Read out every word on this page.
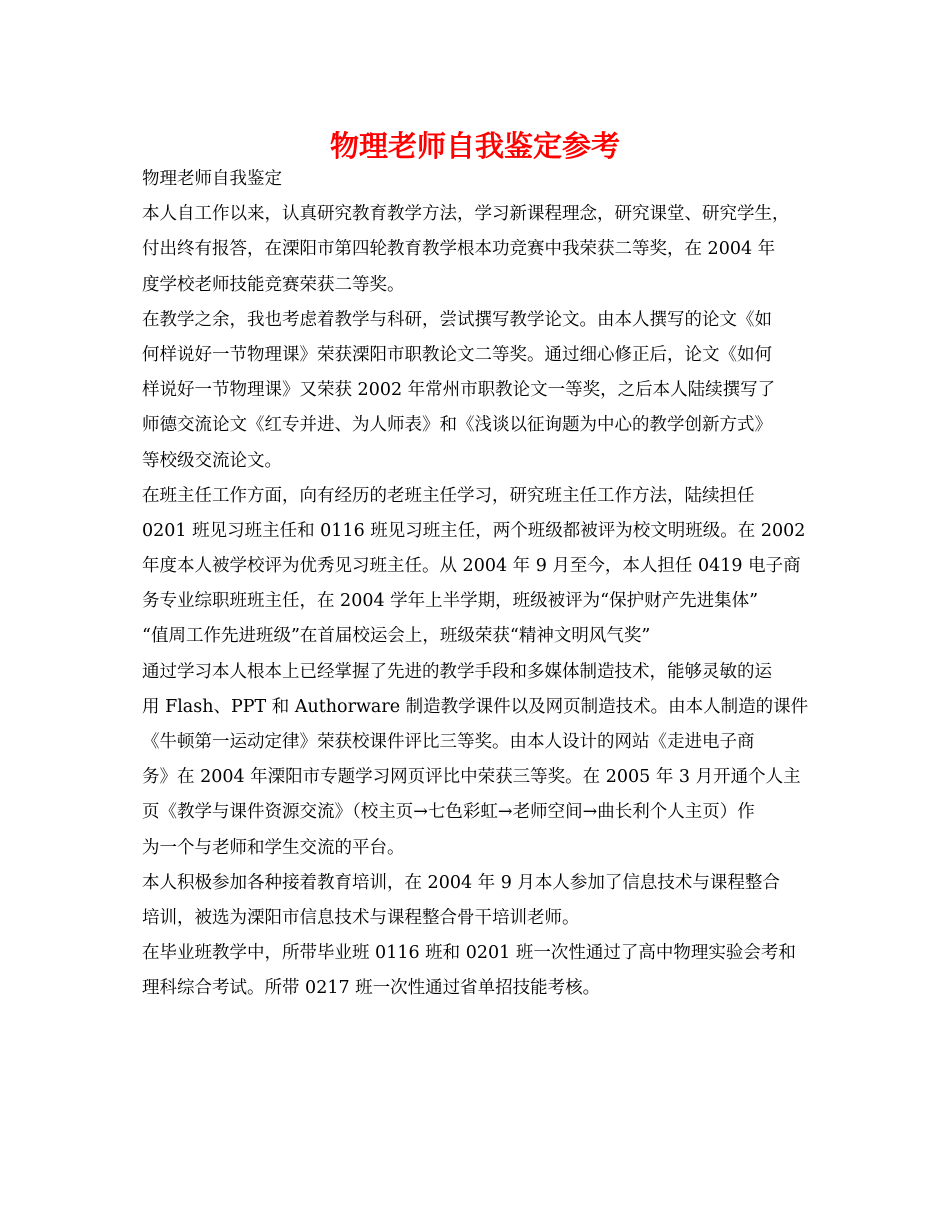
物理老师自我鉴定参考
物理老师自我鉴定
本人自工作以来，认真研究教育教学方法，学习新课程理念，研究课堂、研究学生，
付出终有报答，在溧阳市第四轮教育教学根本功竞赛中我荣获二等奖，在 2004 年
度学校老师技能竞赛荣获二等奖。
在教学之余，我也考虑着教学与科研，尝试撰写教学论文。由本人撰写的论文《如
何样说好一节物理课》荣获溧阳市职教论文二等奖。通过细心修正后，论文《如何
样说好一节物理课》又荣获 2002 年常州市职教论文一等奖，之后本人陆续撰写了
师德交流论文《红专并进、为人师表》和《浅谈以征询题为中心的教学创新方式》
等校级交流论文。
在班主任工作方面，向有经历的老班主任学习，研究班主任工作方法，陆续担任
0201 班见习班主任和 0116 班见习班主任，两个班级都被评为校文明班级。在 2002
年度本人被学校评为优秀见习班主任。从 2004 年 9 月至今，本人担任 0419 电子商
务专业综职班班主任，在 2004 学年上半学期，班级被评为“保护财产先进集体”
“值周工作先进班级”在首届校运会上，班级荣获“精神文明风气奖”
通过学习本人根本上已经掌握了先进的教学手段和多媒体制造技术，能够灵敏的运
用 Flash、PPT 和 Authorware 制造教学课件以及网页制造技术。由本人制造的课件
《牛顿第一运动定律》荣获校课件评比三等奖。由本人设计的网站《走进电子商
务》在 2004 年溧阳市专题学习网页评比中荣获三等奖。在 2005 年 3 月开通个人主
页《教学与课件资源交流》（校主页→七色彩虹→老师空间→曲长利个人主页）作
为一个与老师和学生交流的平台。
本人积极参加各种接着教育培训，在 2004 年 9 月本人参加了信息技术与课程整合
培训，被选为溧阳市信息技术与课程整合骨干培训老师。
在毕业班教学中，所带毕业班 0116 班和 0201 班一次性通过了高中物理实验会考和
理科综合考试。所带 0217 班一次性通过省单招技能考核。
